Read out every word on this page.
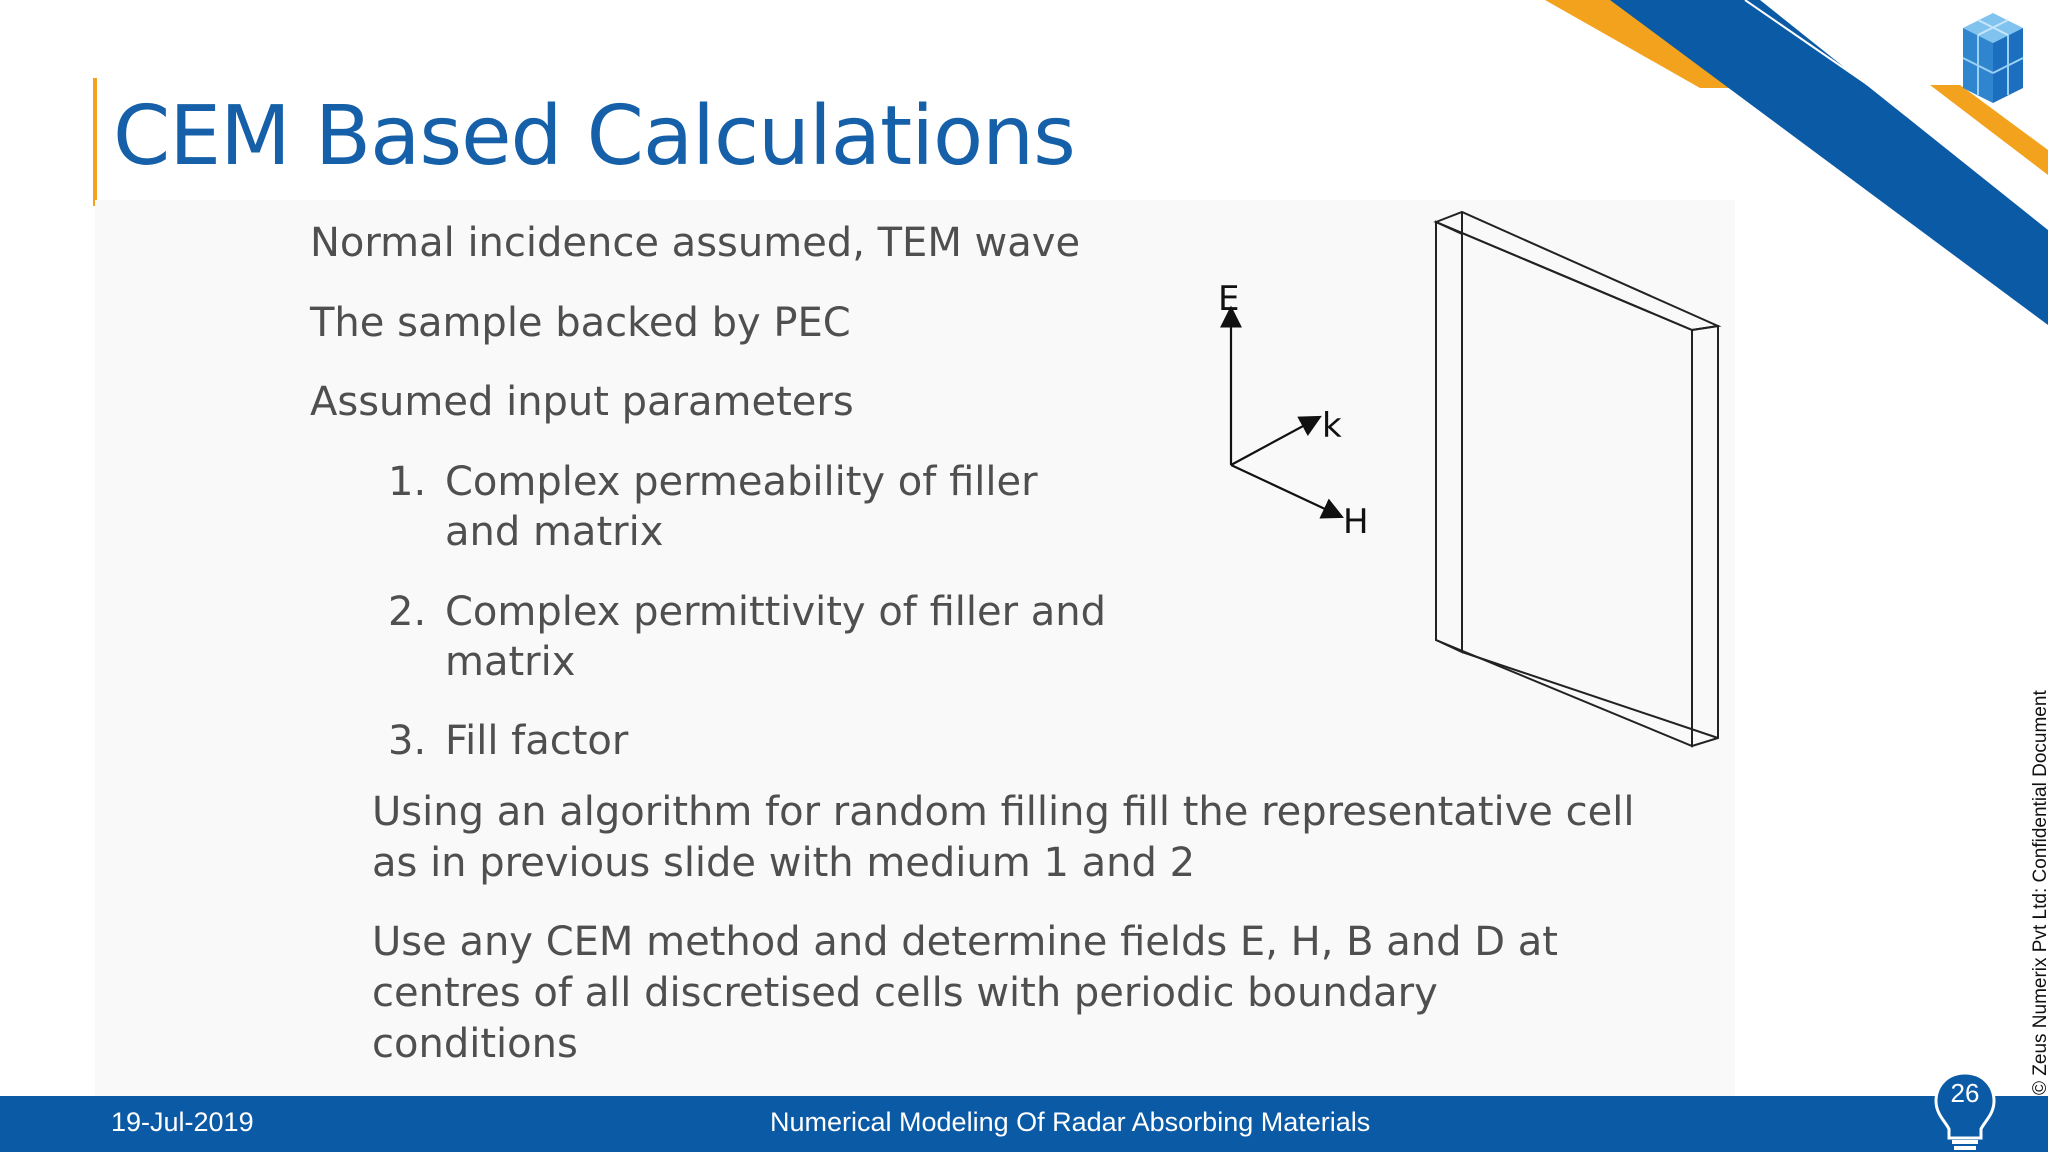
CEM Based Calculations
Normal incidence assumed, TEM wave
The sample backed by PEC
Assumed input parameters
1. Complex permeability of filler
and matrix
2. Complex permittivity of filler and
matrix
3. Fill factor
Using an algorithm for random filling fill the representative cell
as in previous slide with medium 1 and 2
Use any CEM method and determine fields E, H, B and D at
centres of all discretised cells with periodic boundary
conditions
E
k
H
19-Jul-2019	Numerical Modeling Of Radar Absorbing Materials
26	© Zeus Numerix Pvt Ltd: Confidential Document
